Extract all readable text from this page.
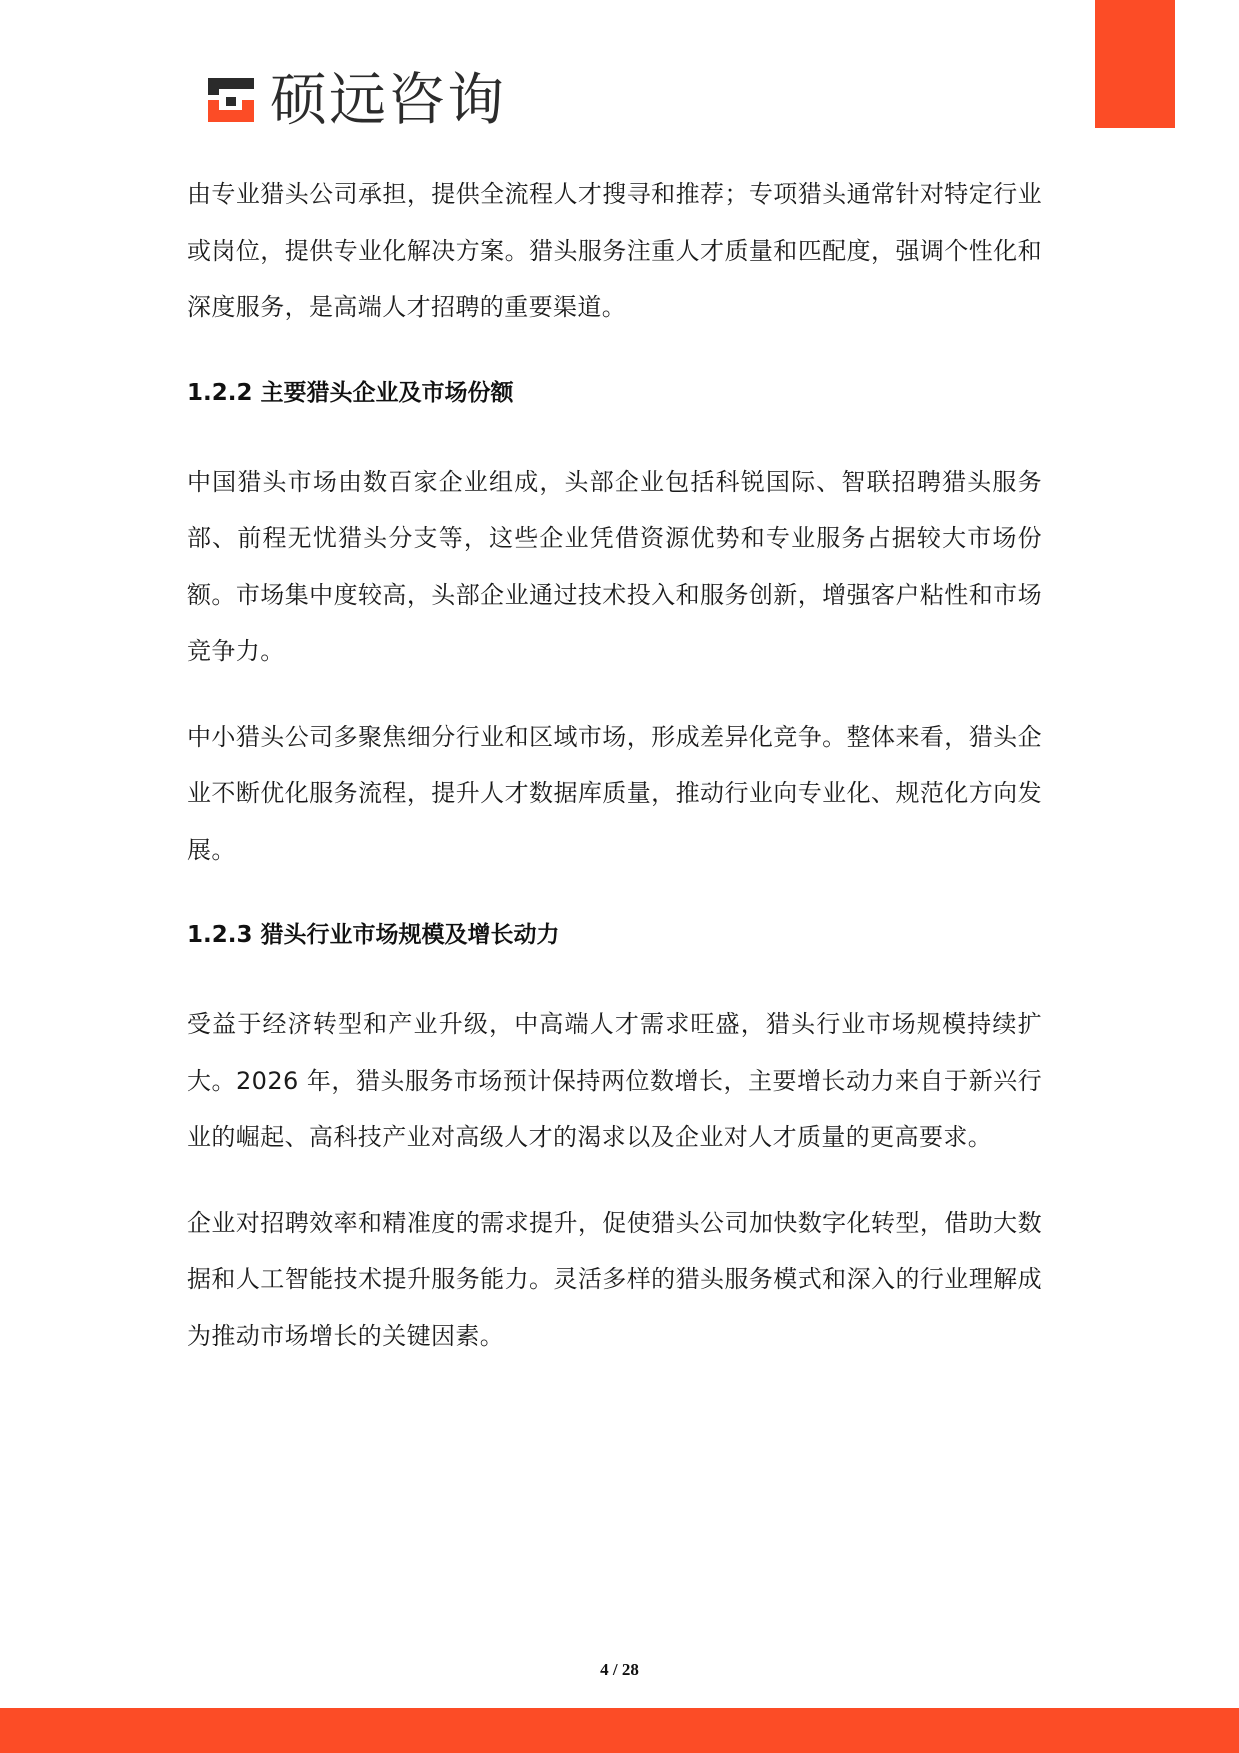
硕远咨询

由专业猎头公司承担，提供全流程人才搜寻和推荐；专项猎头通常针对特定行业或岗位，提供专业化解决方案。猎头服务注重人才质量和匹配度，强调个性化和深度服务，是高端人才招聘的重要渠道。

1.2.2 主要猎头企业及市场份额

中国猎头市场由数百家企业组成，头部企业包括科锐国际、智联招聘猎头服务部、前程无忧猎头分支等，这些企业凭借资源优势和专业服务占据较大市场份额。市场集中度较高，头部企业通过技术投入和服务创新，增强客户粘性和市场竞争力。

中小猎头公司多聚焦细分行业和区域市场，形成差异化竞争。整体来看，猎头企业不断优化服务流程，提升人才数据库质量，推动行业向专业化、规范化方向发展。

1.2.3 猎头行业市场规模及增长动力

受益于经济转型和产业升级，中高端人才需求旺盛，猎头行业市场规模持续扩大。2026 年，猎头服务市场预计保持两位数增长，主要增长动力来自于新兴行业的崛起、高科技产业对高级人才的渴求以及企业对人才质量的更高要求。

企业对招聘效率和精准度的需求提升，促使猎头公司加快数字化转型，借助大数据和人工智能技术提升服务能力。灵活多样的猎头服务模式和深入的行业理解成为推动市场增长的关键因素。

4 / 28
